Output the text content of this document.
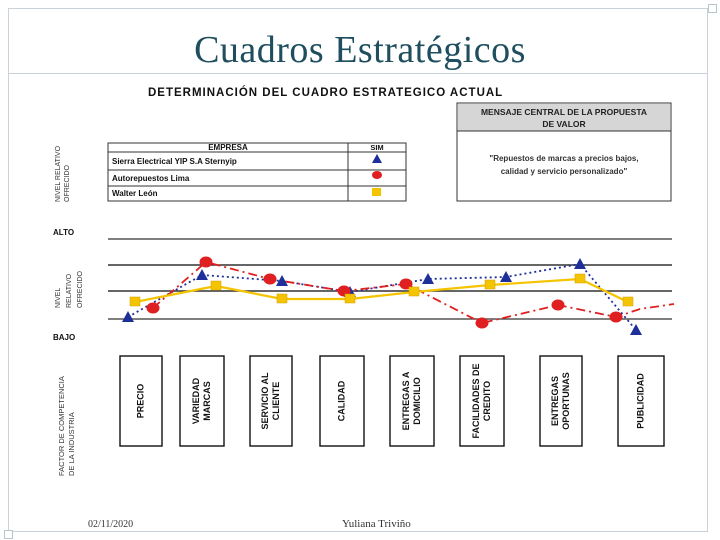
Cuadros Estratégicos
DETERMINACIÓN DEL CUADRO ESTRATEGICO ACTUAL
EMPRESA	SIM
Sierra Electrical YIP S.A Sternyip
Autorepuestos Lima
Walter León
MENSAJE CENTRAL DE LA PROPUESTA
DE VALOR
"Repuestos de marcas a precios bajos,
calidad y servicio personalizado"
NIVEL RELATIVO OFRECIDO
NIVEL RELATIVO OFRECIDO
FACTOR DE COMPETENCIA DE LA INDUSTRIA
ALTO
BAJO
PRECIO	VARIEDAD MARCAS	SERVICIO AL CLIENTE	CALIDAD	ENTREGAS A DOMICILIO	FACILIDADES DE CREDITO	ENTREGAS OPORTUNAS	PUBLICIDAD
02/11/2020	Yuliana Triviño
